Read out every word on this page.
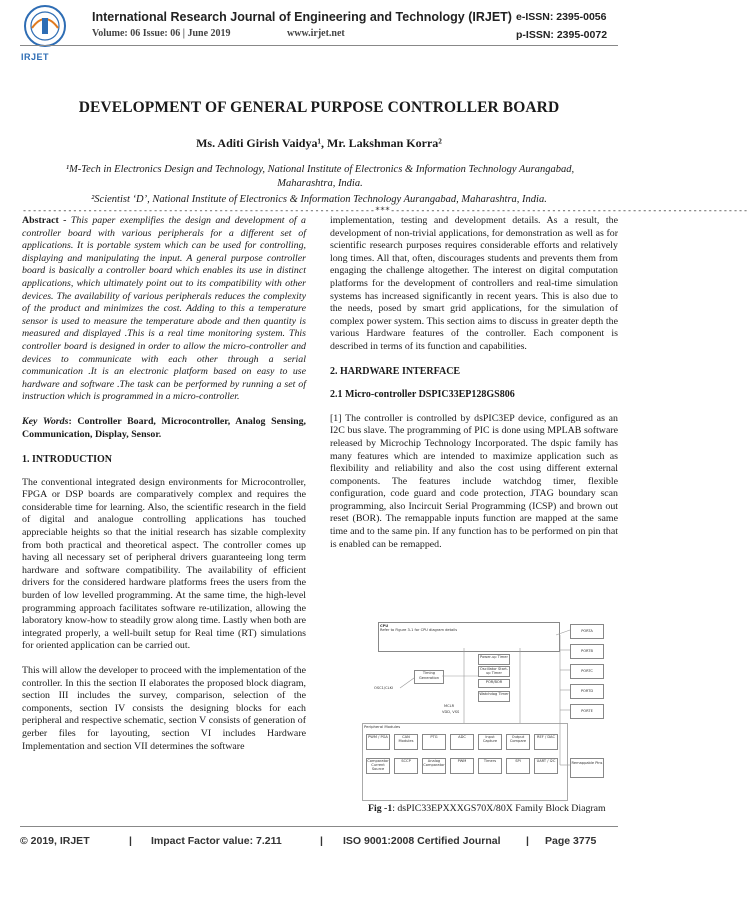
IRJET
International Research Journal of Engineering and Technology (IRJET) e-ISSN: 2395-0056
Volume: 06 Issue: 06 | June 2019	www.irjet.net	p-ISSN: 2395-0072
DEVELOPMENT OF GENERAL PURPOSE CONTROLLER BOARD
Ms. Aditi Girish Vaidya¹, Mr. Lakshman Korra²
¹M-Tech in Electronics Design and Technology, National Institute of Electronics & Information Technology Aurangabad, Maharashtra, India.
²Scientist ‘D’, National Institute of Electronics & Information Technology Aurangabad, Maharashtra, India.
----------------------------------------------------------------------***-----------------------------------------------------------------------

Abstract - This paper exemplifies the design and development of a controller board with various peripherals for a different set of applications. It is portable system which can be used for controlling, displaying and manipulating the input. A general purpose controller board is basically a controller board which enables its use in distinct applications, which ultimately point out to its compatibility with other devices. The availability of various peripherals reduces the complexity of the product and minimizes the cost. Adding to this a temperature sensor is used to measure the temperature abode and then quantity is measured and displayed .This is a real time monitoring system. This controller board is designed in order to allow the micro-controller and devices to communicate with each other through a serial communication .It is an electronic platform based on easy to use hardware and software .The task can be performed by running a set of instruction which is programmed in a micro-controller.

Key Words: Controller Board, Microcontroller, Analog Sensing, Communication, Display, Sensor.

1. INTRODUCTION

The conventional integrated design environments for Microcontroller, FPGA or DSP boards are comparatively complex and requires the considerable time for learning. Also, the scientific research in the field of digital and analogue controlling applications has touched appreciable heights so that the initial research has sizable complexity from both practical and theoretical aspect. The controller comes up having all necessary set of peripheral drivers guaranteeing long term hardware and software compatibility. The availability of efficient drivers for the considered hardware platforms frees the users from the burden of low levelled programming. At the same time, the high-level programming approach facilitates software re-utilization, allowing the laboratory know-how to steadily grow along time. Lastly when both are integrated properly, a well-built setup for Real time (RT) simulations for oriented application can be carried out.

This will allow the developer to proceed with the implementation of the controller. In this the section II elaborates the proposed block diagram, section III includes the survey, comparison, selection of the components, section IV consists the designing blocks for each peripheral and respective schematic, section V consists of generation of gerber files for layouting, section VI includes Hardware Implementation and section VII determines the software

implementation, testing and development details. As a result, the development of non-trivial applications, for demonstration as well as for scientific research purposes requires considerable efforts and relatively long times. All that, often, discourages students and prevents them from engaging the challenge altogether. The interest on digital computation platforms for the development of controllers and real-time simulation systems has increased significantly in recent years. This is also due to the needs, posed by smart grid applications, for the simulation of complex power system. This section aims to discuss in greater depth the various Hardware features of the controller. Each component is described in terms of its function and capabilities.

2. HARDWARE INTERFACE

2.1 Micro-controller DSPIC33EP128GS806

[1] The controller is controlled by dsPIC3EP device, configured as an I2C bus slave. The programming of PIC is done using MPLAB software released by Microchip Technology Incorporated. The dspic family has many features which are intended to maximize application such as flexibility and reliability and also the cost using different external components. The features include watchdog timer, flexible configuration, code guard and code protection, JTAG boundary scan programming, also Incircuit Serial Programming (ICSP) and brown out reset (BOR). The remappable inputs function are mapped at the same time and to the same pin. If any function has to be performed on pin that is enabled can be remapped.

CPU
Refer to Figure 3-1 for CPU diagram details	PORTA
PORTB
PORTC
PORTD
PORTE
Remappable Pins
Power-up Timer
Oscillator Start-up Timer
POR/BOR
Watchdog Timer
Timing Generation
OSC1/CLKI
MCLR
VDD, VSS
Peripheral Modules
PWM / PGA	CAN Modules
PTG	ADC	Input Capture
Output Compare
REF / DAC
Comparator Current Source
SCCP	Analog Comparator
PWM	Timers	SPI	UART / I2C
Fig -1: dsPIC33EPXXXGS70X/80X Family Block Diagram
© 2019, IRJET	| Impact Factor value: 7.211	| ISO 9001:2008 Certified Journal | Page 3775
